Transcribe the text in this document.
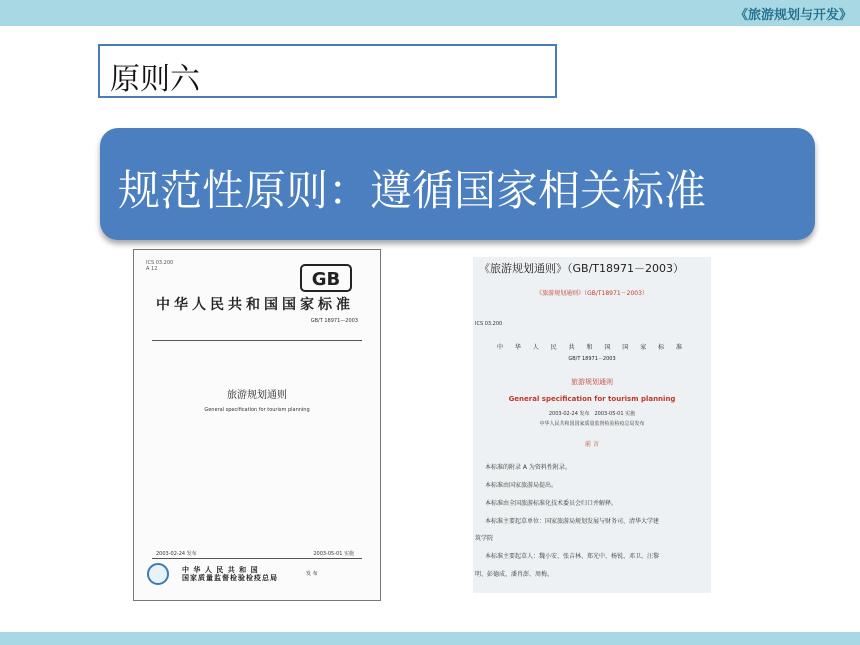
《旅游规划与开发》
原则六
规范性原则：遵循国家相关标准
ICS 03.200
A 12	GB
中华人民共和国国家标准
GB/T 18971—2003
旅游规划通则
General specification for tourism planning
2003-02-24 发布	2003-05-01 实施
中 华 人 民 共 和 国
国家质量监督检验检疫总局	发 布
《旅游规划通则》（GB/T18971－2003）
《旅游规划通则》（GB/T18971－2003）
ICS 03.200
中 华 人 民 共 和 国 国 家 标 准
GB/T 18971－2003
旅游规划通则
General specification for tourism planning
2003-02-24 发布　2003-05-01 实施
中华人民共和国国家质量监督检验检疫总局发布
前 言
本标准的附录 A 为资料性附录。
本标准由国家旅游局提出。
本标准由全国旅游标准化技术委员会归口并解释。
本标准主要起草单位：国家旅游局规划发展与财务司、清华大学建
筑学院
本标准主要起草人：魏小安、张吉林、郑光中、杨锐、邓卫、汪黎
明、彭德成、潘肖澎、周梅。
